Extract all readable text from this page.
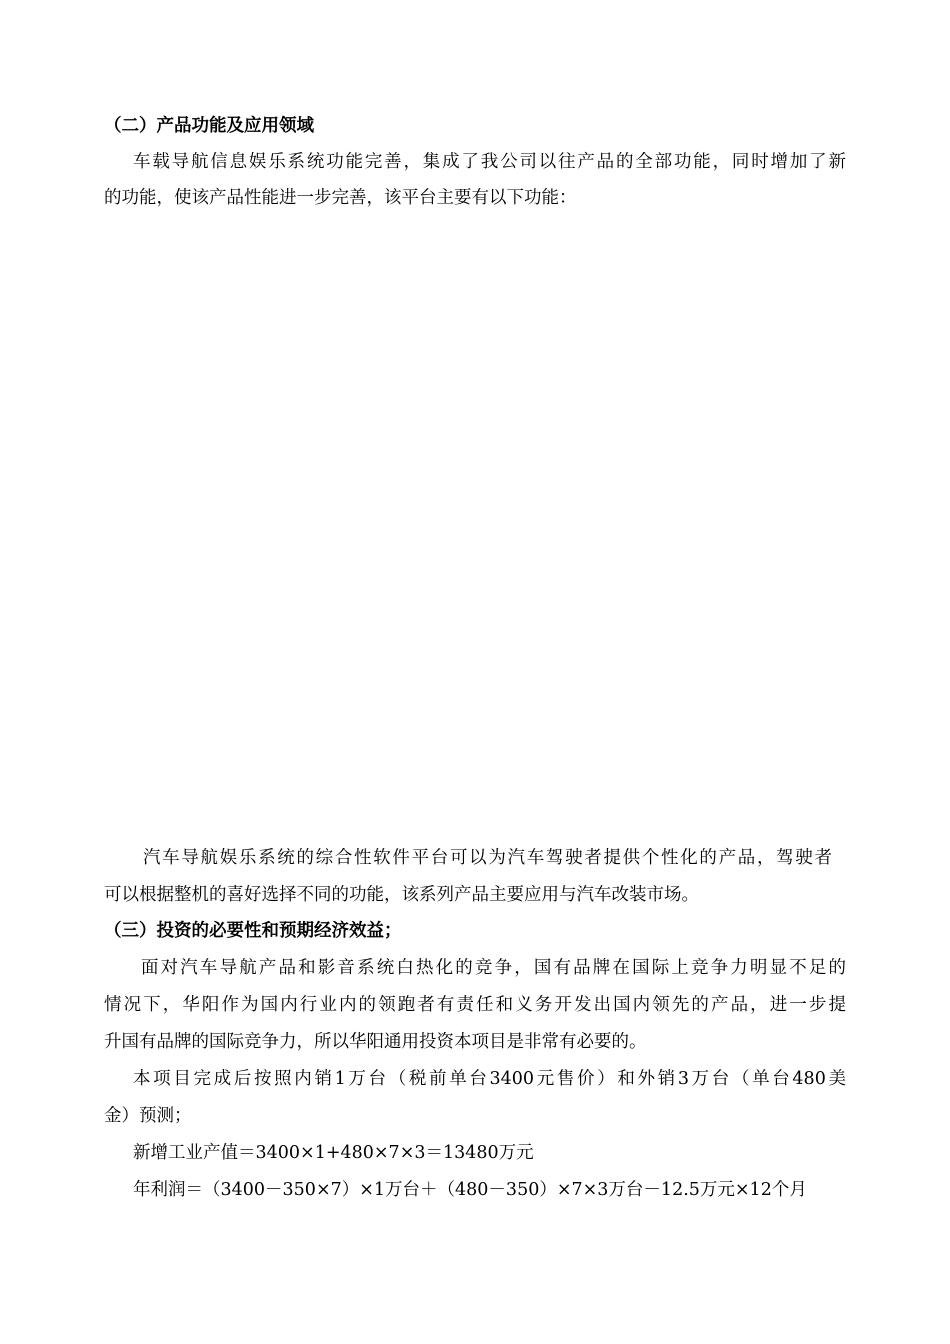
（二）产品功能及应用领域
车载导航信息娱乐系统功能完善，集成了我公司以往产品的全部功能，同时增加了新
的功能，使该产品性能进一步完善，该平台主要有以下功能：
汽车导航娱乐系统的综合性软件平台可以为汽车驾驶者提供个性化的产品，驾驶者
可以根据整机的喜好选择不同的功能，该系列产品主要应用与汽车改装市场。
（三）投资的必要性和预期经济效益；
面对汽车导航产品和影音系统白热化的竞争，国有品牌在国际上竞争力明显不足的
情况下，华阳作为国内行业内的领跑者有责任和义务开发出国内领先的产品，进一步提
升国有品牌的国际竞争力，所以华阳通用投资本项目是非常有必要的。
本项目完成后按照内销1万台（税前单台3400元售价）和外销3万台（单台480美
金）预测；
新增工业产值＝3400×1+480×7×3＝13480万元
年利润＝（3400－350×7）×1万台＋（480－350）×7×3万台－12.5万元×12个月
